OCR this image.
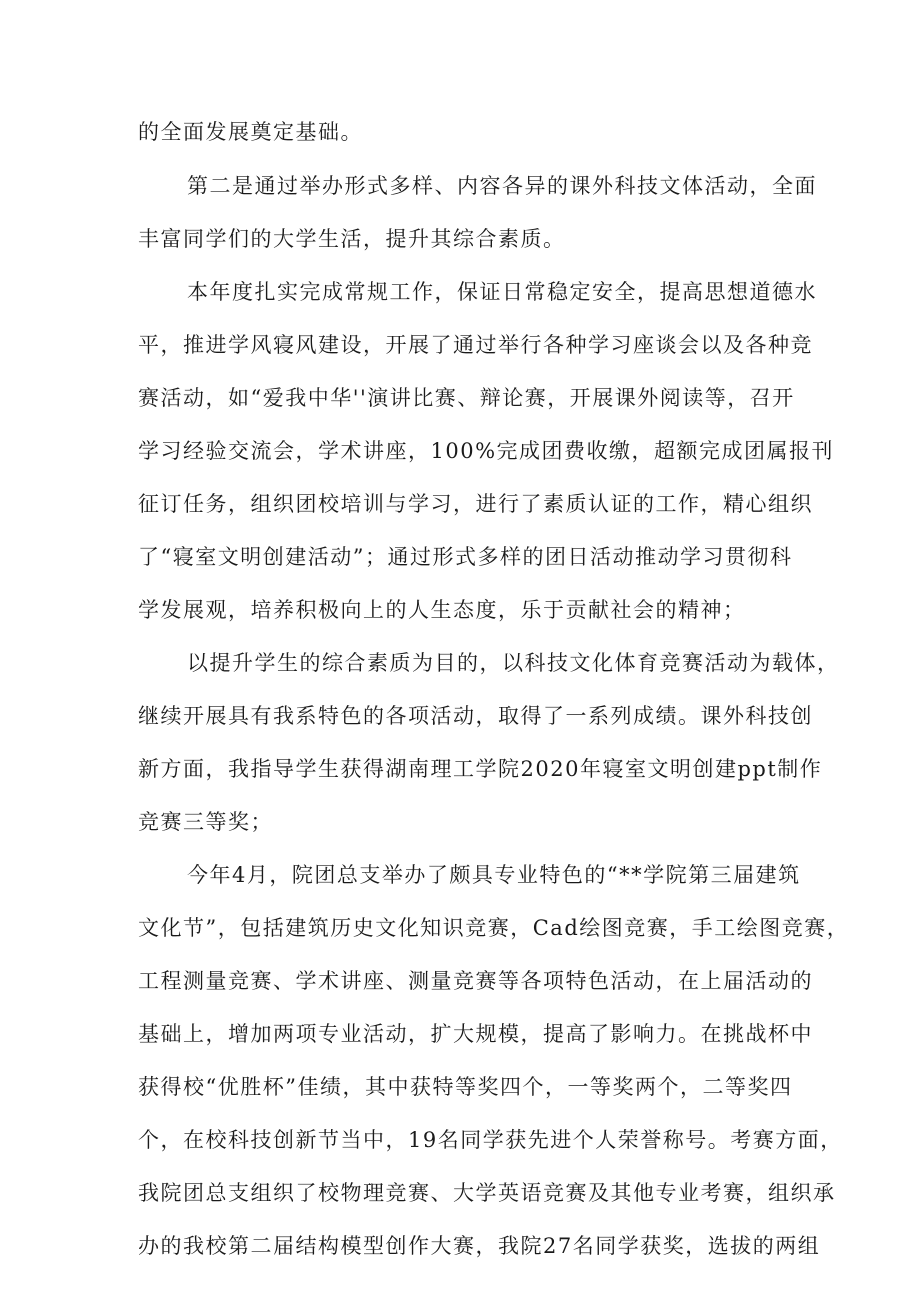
的全面发展奠定基础。
第二是通过举办形式多样、内容各异的课外科技文体活动，全面
丰富同学们的大学生活，提升其综合素质。
本年度扎实完成常规工作，保证日常稳定安全，提高思想道德水
平，推进学风寝风建设，开展了通过举行各种学习座谈会以及各种竞
赛活动，如“爱我中华''演讲比赛、辩论赛，开展课外阅读等，召开
学习经验交流会，学术讲座，100%完成团费收缴，超额完成团属报刊
征订任务，组织团校培训与学习，进行了素质认证的工作，精心组织
了“寝室文明创建活动”；通过形式多样的团日活动推动学习贯彻科
学发展观，培养积极向上的人生态度，乐于贡献社会的精神；
以提升学生的综合素质为目的，以科技文化体育竞赛活动为载体，
继续开展具有我系特色的各项活动，取得了一系列成绩。课外科技创
新方面，我指导学生获得湖南理工学院2020年寝室文明创建ppt制作
竞赛三等奖；
今年4月，院团总支举办了颇具专业特色的“**学院第三届建筑
文化节”，包括建筑历史文化知识竞赛，Cad绘图竞赛，手工绘图竞赛，
工程测量竞赛、学术讲座、测量竞赛等各项特色活动，在上届活动的
基础上，增加两项专业活动，扩大规模，提高了影响力。在挑战杯中
获得校“优胜杯”佳绩，其中获特等奖四个，一等奖两个，二等奖四
个，在校科技创新节当中，19名同学获先进个人荣誉称号。考赛方面，
我院团总支组织了校物理竞赛、大学英语竞赛及其他专业考赛，组织承
办的我校第二届结构模型创作大赛，我院27名同学获奖，选拔的两组
